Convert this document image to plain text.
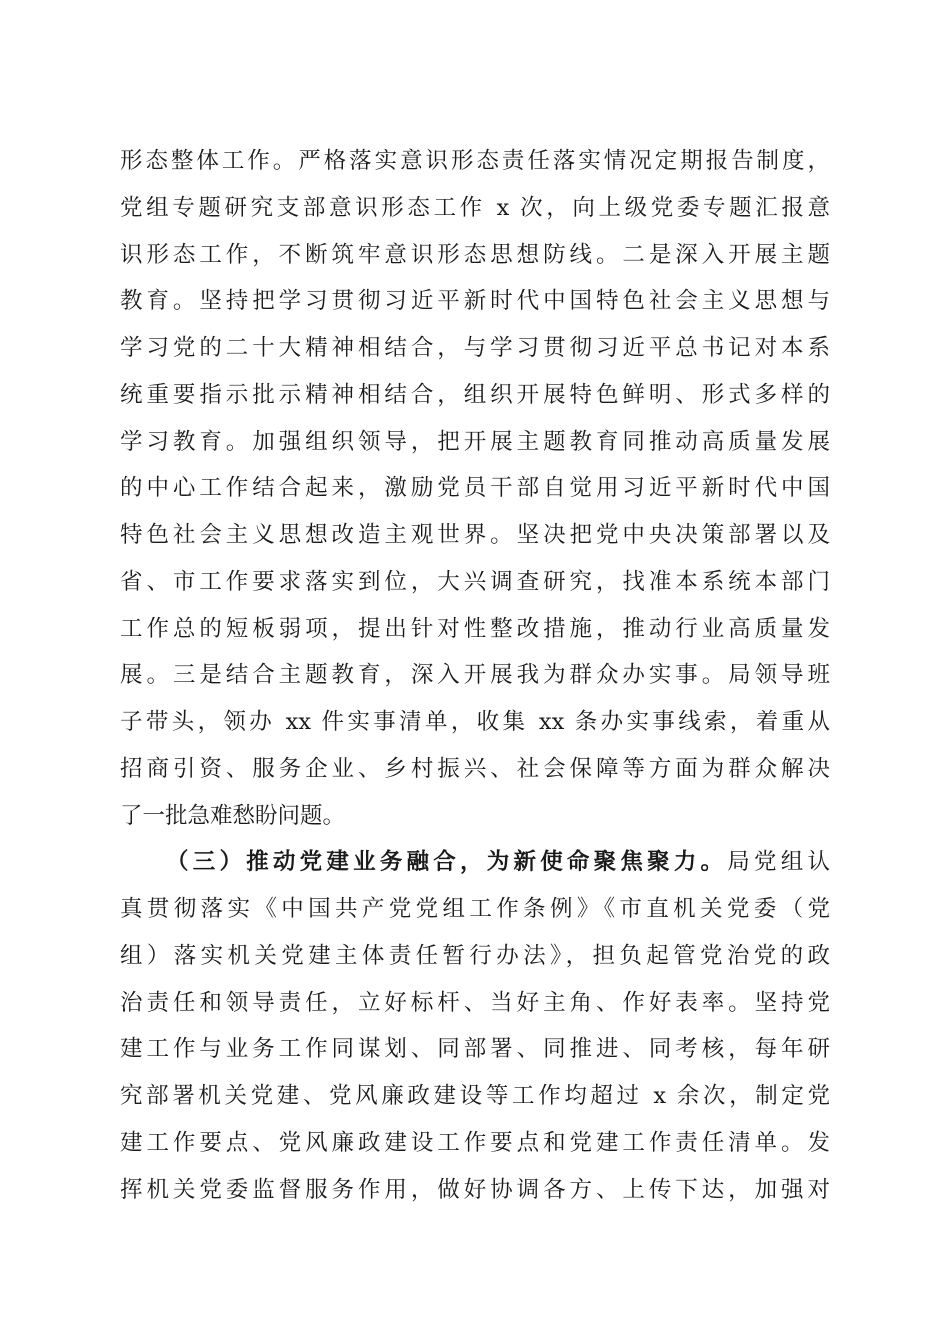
形态整体工作。严格落实意识形态责任落实情况定期报告制度，
党组专题研究支部意识形态工作 x 次，向上级党委专题汇报意
识形态工作，不断筑牢意识形态思想防线。二是深入开展主题
教育。坚持把学习贯彻习近平新时代中国特色社会主义思想与
学习党的二十大精神相结合，与学习贯彻习近平总书记对本系
统重要指示批示精神相结合，组织开展特色鲜明、形式多样的
学习教育。加强组织领导，把开展主题教育同推动高质量发展
的中心工作结合起来，激励党员干部自觉用习近平新时代中国
特色社会主义思想改造主观世界。坚决把党中央决策部署以及
省、市工作要求落实到位，大兴调查研究，找准本系统本部门
工作总的短板弱项，提出针对性整改措施，推动行业高质量发
展。三是结合主题教育，深入开展我为群众办实事。局领导班
子带头，领办 xx 件实事清单，收集 xx 条办实事线索，着重从
招商引资、服务企业、乡村振兴、社会保障等方面为群众解决
了一批急难愁盼问题。
（三）推动党建业务融合，为新使命聚焦聚力。局党组认
真贯彻落实《中国共产党党组工作条例》《市直机关党委（党
组）落实机关党建主体责任暂行办法》，担负起管党治党的政
治责任和领导责任，立好标杆、当好主角、作好表率。坚持党
建工作与业务工作同谋划、同部署、同推进、同考核，每年研
究部署机关党建、党风廉政建设等工作均超过 x 余次，制定党
建工作要点、党风廉政建设工作要点和党建工作责任清单。发
挥机关党委监督服务作用，做好协调各方、上传下达，加强对
